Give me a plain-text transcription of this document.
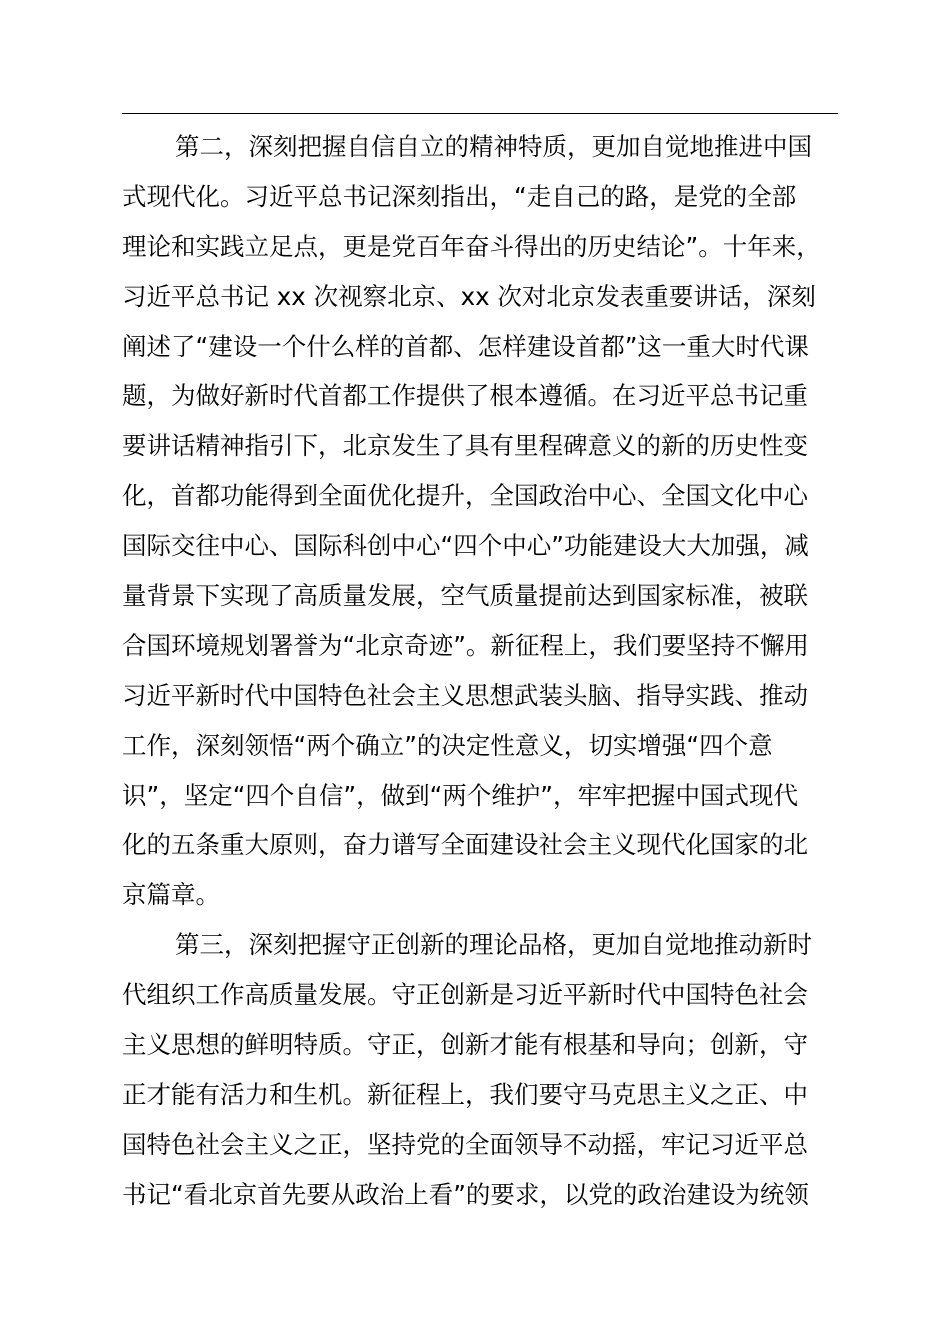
第二，深刻把握自信自立的精神特质，更加自觉地推进中国
式现代化。习近平总书记深刻指出，“走自己的路，是党的全部
理论和实践立足点，更是党百年奋斗得出的历史结论”。十年来，
习近平总书记 xx 次视察北京、xx 次对北京发表重要讲话，深刻
阐述了“建设一个什么样的首都、怎样建设首都”这一重大时代课
题，为做好新时代首都工作提供了根本遵循。在习近平总书记重
要讲话精神指引下，北京发生了具有里程碑意义的新的历史性变
化，首都功能得到全面优化提升，全国政治中心、全国文化中心
国际交往中心、国际科创中心“四个中心”功能建设大大加强，减
量背景下实现了高质量发展，空气质量提前达到国家标准，被联
合国环境规划署誉为“北京奇迹”。新征程上，我们要坚持不懈用
习近平新时代中国特色社会主义思想武装头脑、指导实践、推动
工作，深刻领悟“两个确立”的决定性意义，切实增强“四个意
识”，坚定“四个自信”，做到“两个维护”，牢牢把握中国式现代
化的五条重大原则，奋力谱写全面建设社会主义现代化国家的北
京篇章。
第三，深刻把握守正创新的理论品格，更加自觉地推动新时
代组织工作高质量发展。守正创新是习近平新时代中国特色社会
主义思想的鲜明特质。守正，创新才能有根基和导向；创新，守
正才能有活力和生机。新征程上，我们要守马克思主义之正、中
国特色社会主义之正，坚持党的全面领导不动摇，牢记习近平总
书记“看北京首先要从政治上看”的要求，以党的政治建设为统领
